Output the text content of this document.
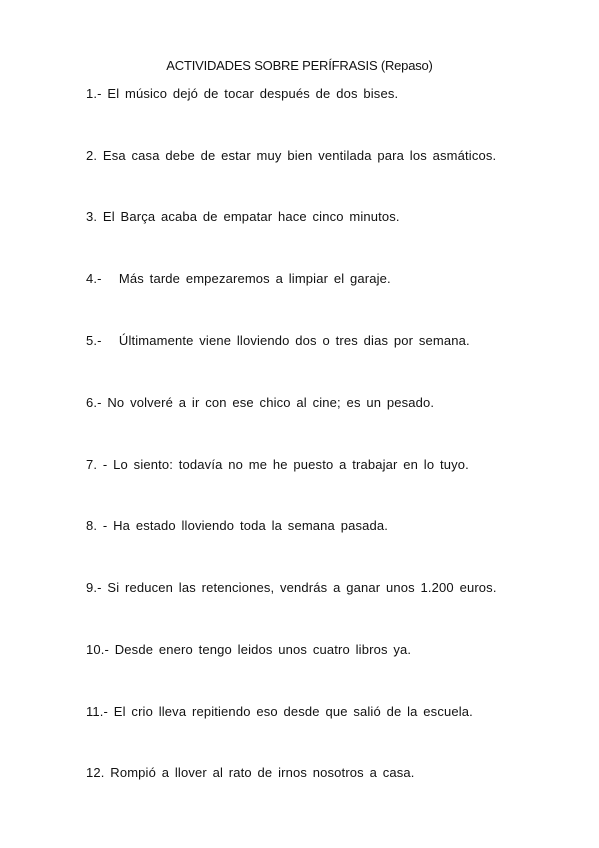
ACTIVIDADES SOBRE PERÍFRASIS (Repaso)
1.- El músico dejó de tocar después de dos bises.
2. Esa casa debe de estar muy bien ventilada para los asmáticos.
3. El Barça acaba de empatar hace cinco minutos.
4.-   Más tarde empezaremos a limpiar el garaje.
5.-   Últimamente viene lloviendo dos o tres dias por semana.
6.- No volveré a ir con ese chico al cine; es un pesado.
7. - Lo siento: todavía no me he puesto a trabajar en lo tuyo.
8. - Ha estado lloviendo toda la semana pasada.
9.- Si reducen las retenciones, vendrás a ganar unos 1.200 euros.
10.- Desde enero tengo leidos unos cuatro libros ya.
11.- El crio lleva repitiendo eso desde que salió de la escuela.
12. Rompió a llover al rato de irnos nosotros a casa.
